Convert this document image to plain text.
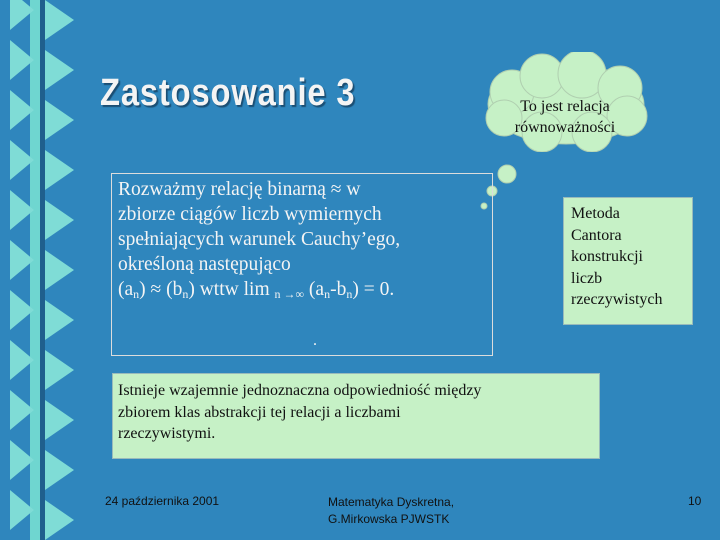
Zastosowanie 3	To jest relacja
równoważności
Rozważmy relację binarną ≈ w
zbiorze ciągów liczb wymiernych
spełniających warunek Cauchy’ego,
określoną następująco
$(a_n) \approx (b_n)$ wttw lim $_{n \to\infty}$ $(a_n-b_n) = 0$.
.
Metoda
Cantora
konstrukcji
liczb
rzeczywistych
Istnieje wzajemnie jednoznaczna odpowiedniość między
zbiorem klas abstrakcji tej relacji a liczbami
rzeczywistymi.
24 października 2001	Matematyka Dyskretna,
G.Mirkowska PJWSTK
10
